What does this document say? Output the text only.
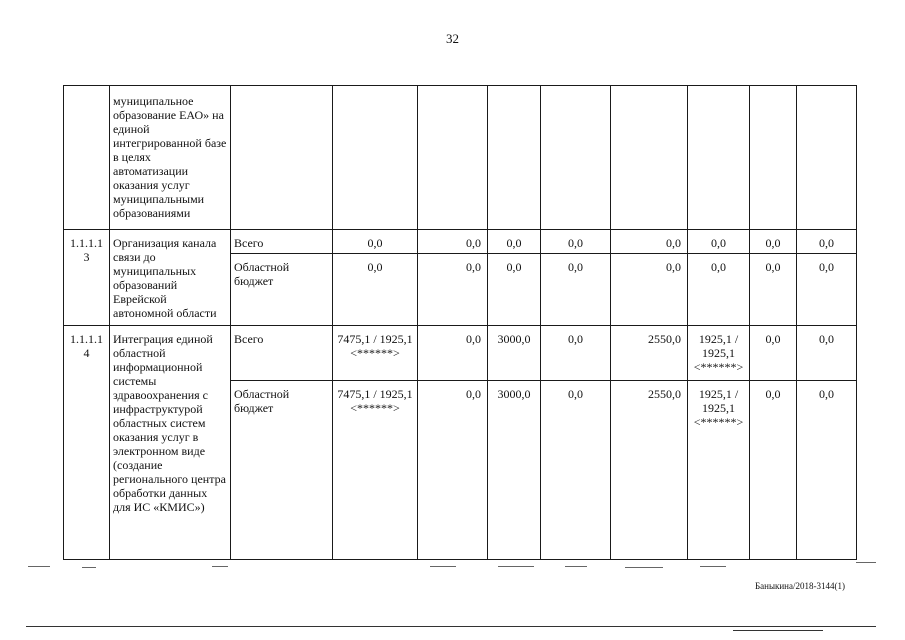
32
	муниципальное образование ЕАО» на единой интегрированной базе в целях автоматизации оказания услуг муниципальными образованиями									
1.1.1.1 3	Организация канала связи до муниципальных образований Еврейской автономной области	Всего	0,0	0,0	0,0	0,0	0,0	0,0	0,0	0,0
		Областной бюджет	0,0	0,0	0,0	0,0	0,0	0,0	0,0	0,0
1.1.1.1 4	Интеграция единой областной информационной системы здравоохранения с инфраструктурой областных систем оказания услуг в электронном виде (создание регионального центра обработки данных для ИС «КМИС»)	Всего	7475,1 / 1925,1 <******>	0,0	3000,0	0,0	2550,0	1925,1 / 1925,1 <******>	0,0	0,0
		Областной бюджет	7475,1 / 1925,1 <******>	0,0	3000,0	0,0	2550,0	1925,1 / 1925,1 <******>	0,0	0,0
Баныкина/2018-3144(1)
